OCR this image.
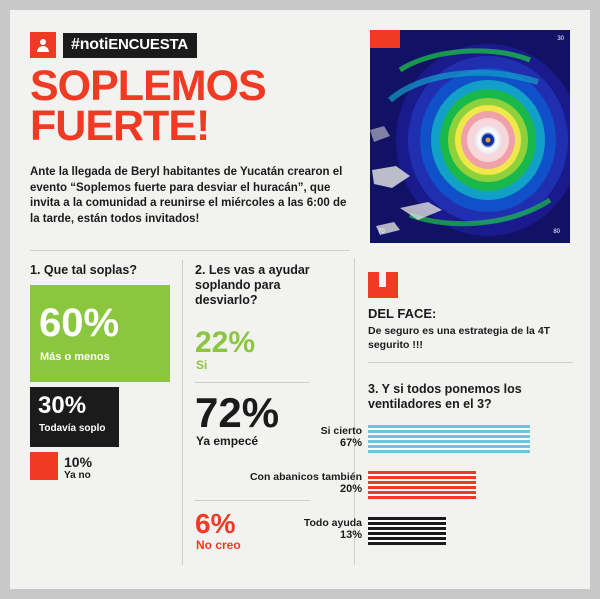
#notiENCUESTA
SOPLEMOS
FUERTE!
Ante la llegada de Beryl habitantes de Yucatán crearon el evento “Soplemos fuerte para desviar el huracán”, que invita a la comunidad a reunirse el miércoles a las 6:00 de la tarde, están todos invitados!
30
70	80
1. Que tal soplas?
60%
Más o menos
30%
Todavía soplo
10%
Ya no
2. Les vas a ayudar soplando para desviarlo?
22%
Si
72%
Ya empecé
6%
No creo
DEL FACE:
De seguro es una estrategia de la 4T segurito !!!
3. Y si todos ponemos los ventiladores en el 3?
Si cierto
67%
Con abanicos también
20%
Todo ayuda
13%
